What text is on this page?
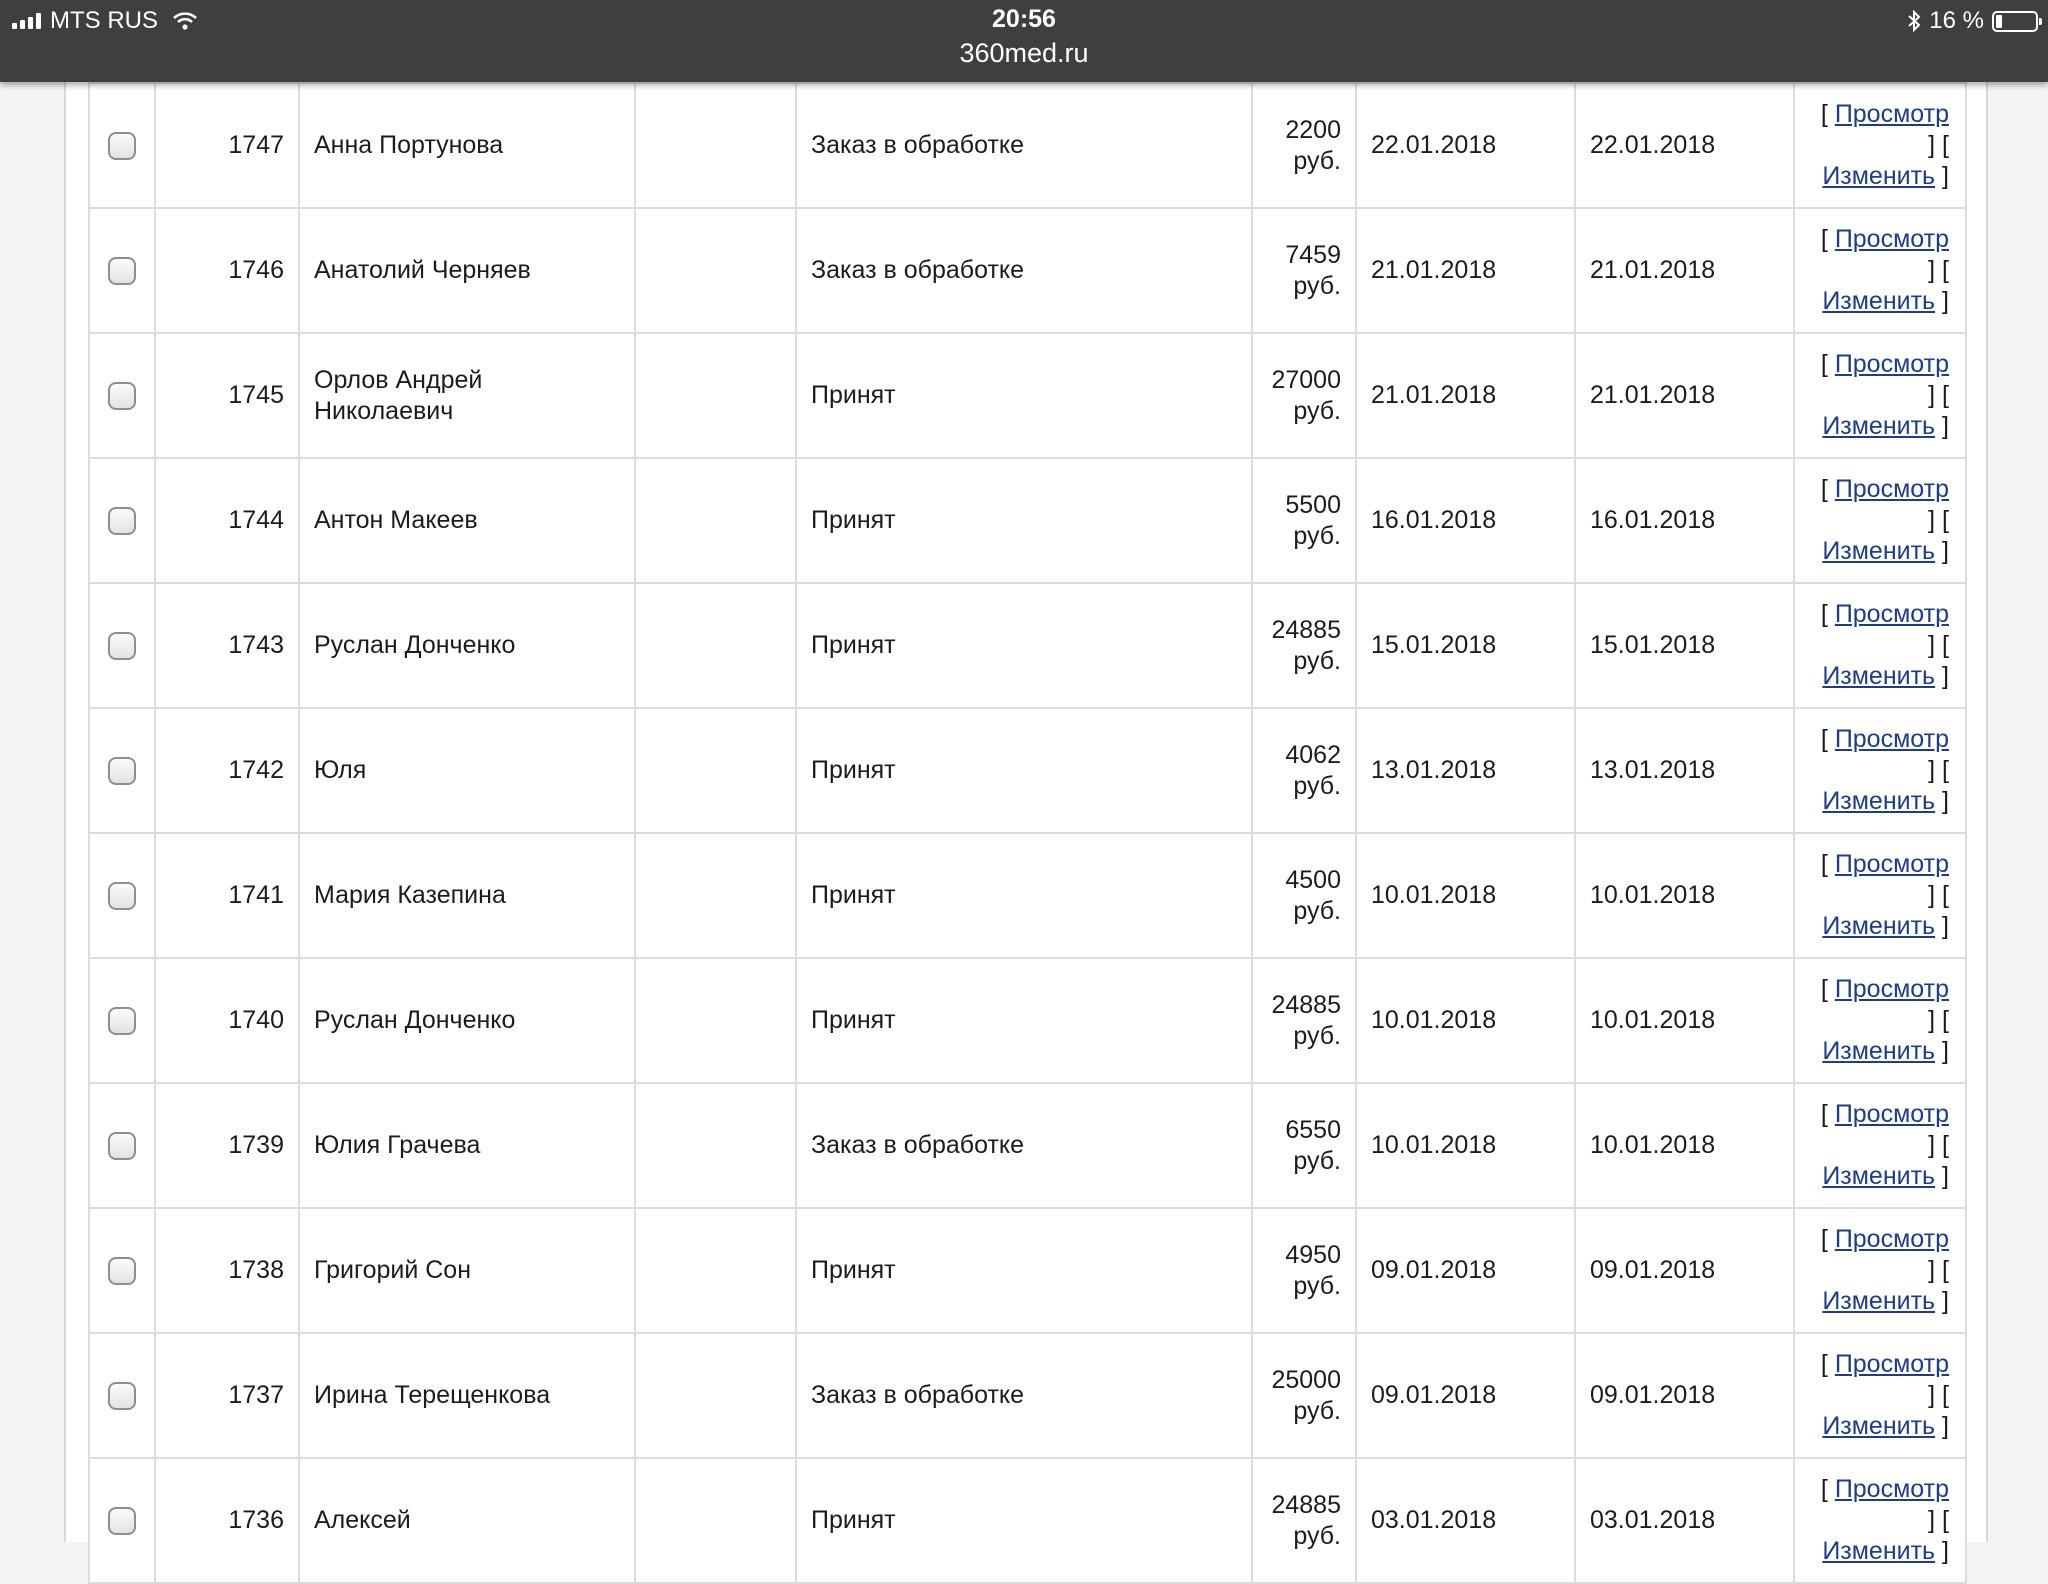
MTS RUS	20:56
360med.ru
16 %
	1747	Анна Портунова		Заказ в обработке	2200
руб.	22.01.2018	22.01.2018	[ Просмотр
] [
Изменить ]
	1746	Анатолий Черняев		Заказ в обработке	7459
руб.	21.01.2018	21.01.2018	[ Просмотр
] [
Изменить ]
	1745	Орлов Андрей Николаевич		Принят	27000
руб.	21.01.2018	21.01.2018	[ Просмотр
] [
Изменить ]
	1744	Антон Макеев		Принят	5500
руб.	16.01.2018	16.01.2018	[ Просмотр
] [
Изменить ]
	1743	Руслан Донченко		Принят	24885
руб.	15.01.2018	15.01.2018	[ Просмотр
] [
Изменить ]
	1742	Юля		Принят	4062
руб.	13.01.2018	13.01.2018	[ Просмотр
] [
Изменить ]
	1741	Мария Казепина		Принят	4500
руб.	10.01.2018	10.01.2018	[ Просмотр
] [
Изменить ]
	1740	Руслан Донченко		Принят	24885
руб.	10.01.2018	10.01.2018	[ Просмотр
] [
Изменить ]
	1739	Юлия Грачева		Заказ в обработке	6550
руб.	10.01.2018	10.01.2018	[ Просмотр
] [
Изменить ]
	1738	Григорий Сон		Принят	4950
руб.	09.01.2018	09.01.2018	[ Просмотр
] [
Изменить ]
	1737	Ирина Терещенкова		Заказ в обработке	25000
руб.	09.01.2018	09.01.2018	[ Просмотр
] [
Изменить ]
	1736	Алексей		Принят	24885
руб.	03.01.2018	03.01.2018	[ Просмотр
] [
Изменить ]
